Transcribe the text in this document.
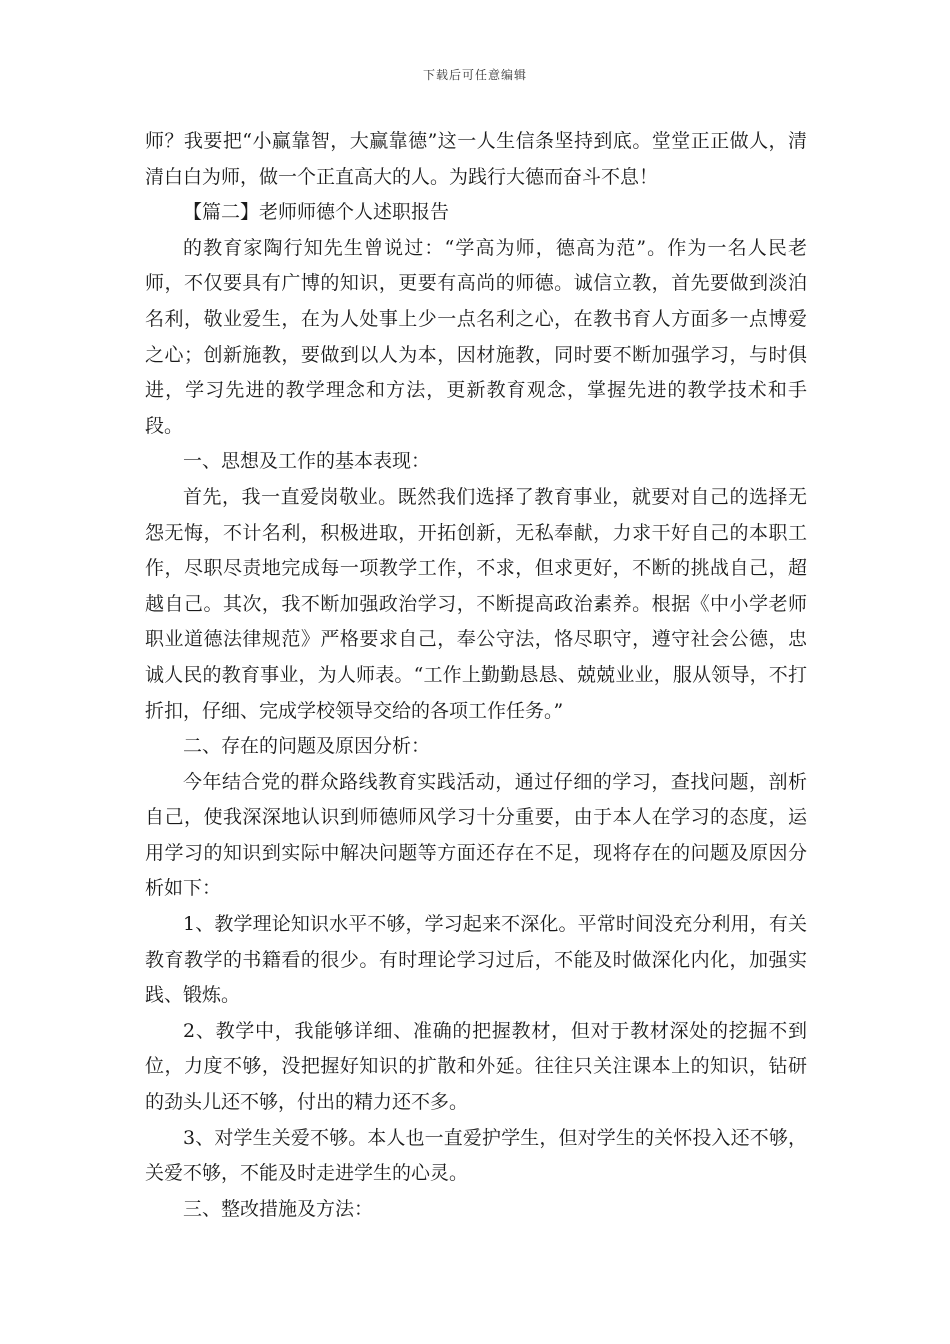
下载后可任意编辑

师？我要把“小赢靠智，大赢靠德”这一人生信条坚持到底。堂堂正正做人，清清白白为师，做一个正直高大的人。为践行大德而奋斗不息！

【篇二】老师师德个人述职报告

的教育家陶行知先生曾说过：“学高为师，德高为范”。作为一名人民老师，不仅要具有广博的知识，更要有高尚的师德。诚信立教，首先要做到淡泊名利，敬业爱生，在为人处事上少一点名利之心，在教书育人方面多一点博爱之心；创新施教，要做到以人为本，因材施教，同时要不断加强学习，与时俱进，学习先进的教学理念和方法，更新教育观念，掌握先进的教学技术和手段。

一、思想及工作的基本表现：

首先，我一直爱岗敬业。既然我们选择了教育事业，就要对自己的选择无怨无悔，不计名利，积极进取，开拓创新，无私奉献，力求干好自己的本职工作，尽职尽责地完成每一项教学工作，不求，但求更好，不断的挑战自己，超越自己。其次，我不断加强政治学习，不断提高政治素养。根据《中小学老师职业道德法律规范》严格要求自己，奉公守法，恪尽职守，遵守社会公德，忠诚人民的教育事业，为人师表。“工作上勤勤恳恳、兢兢业业，服从领导，不打折扣，仔细、完成学校领导交给的各项工作任务。”

二、存在的问题及原因分析：

今年结合党的群众路线教育实践活动，通过仔细的学习，查找问题，剖析自己，使我深深地认识到师德师风学习十分重要，由于本人在学习的态度，运用学习的知识到实际中解决问题等方面还存在不足，现将存在的问题及原因分析如下：

1、教学理论知识水平不够，学习起来不深化。平常时间没充分利用，有关教育教学的书籍看的很少。有时理论学习过后，不能及时做深化内化，加强实践、锻炼。

2、教学中，我能够详细、准确的把握教材，但对于教材深处的挖掘不到位，力度不够，没把握好知识的扩散和外延。往往只关注课本上的知识，钻研的劲头儿还不够，付出的精力还不多。

3、对学生关爱不够。本人也一直爱护学生，但对学生的关怀投入还不够，关爱不够，不能及时走进学生的心灵。

三、整改措施及方法：
